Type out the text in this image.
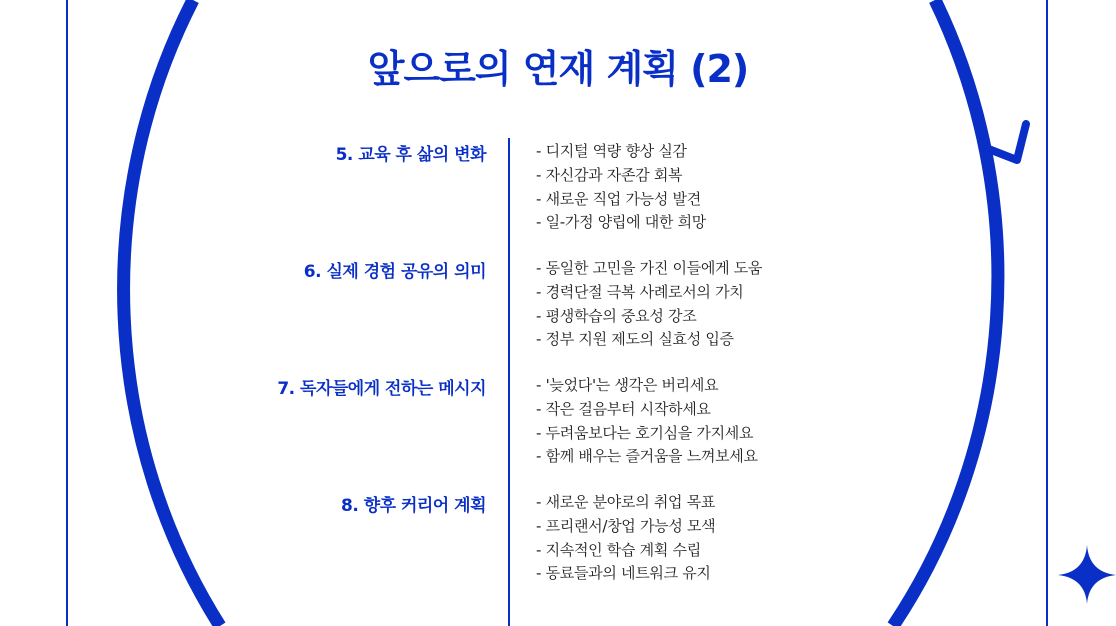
앞으로의 연재 계획 (2)
5. 교육 후 삶의 변화	- 디지털 역량 향상 실감
- 자신감과 자존감 회복
- 새로운 직업 가능성 발견
- 일-가정 양립에 대한 희망
6. 실제 경험 공유의 의미	- 동일한 고민을 가진 이들에게 도움
- 경력단절 극복 사례로서의 가치
- 평생학습의 중요성 강조
- 정부 지원 제도의 실효성 입증
7. 독자들에게 전하는 메시지	- '늦었다'는 생각은 버리세요
- 작은 걸음부터 시작하세요
- 두려움보다는 호기심을 가지세요
- 함께 배우는 즐거움을 느껴보세요
8. 향후 커리어 계획	- 새로운 분야로의 취업 목표
- 프리랜서/창업 가능성 모색
- 지속적인 학습 계획 수립
- 동료들과의 네트워크 유지
